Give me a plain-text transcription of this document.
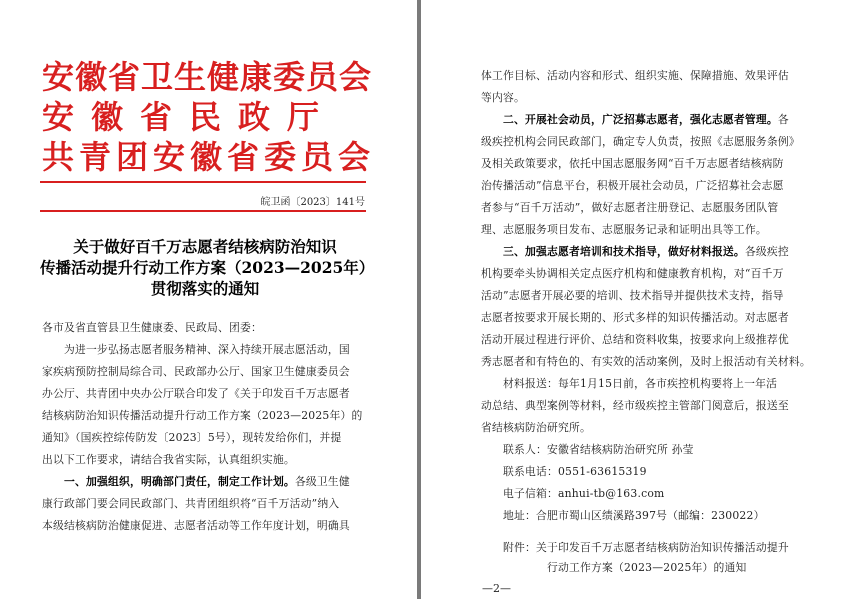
安徽省卫生健康委员会
安徽省民政厅
共青团安徽省委员会
皖卫函〔2023〕141号
关于做好百千万志愿者结核病防治知识
传播活动提升行动工作方案（2023—2025年）
贯彻落实的通知
各市及省直管县卫生健康委、民政局、团委：
为进一步弘扬志愿者服务精神、深入持续开展志愿活动，国
家疾病预防控制局综合司、民政部办公厅、国家卫生健康委员会
办公厅、共青团中央办公厅联合印发了《关于印发百千万志愿者
结核病防治知识传播活动提升行动工作方案（2023—2025年）的
通知》（国疾控综传防发〔2023〕5号），现转发给你们，并提
出以下工作要求，请结合我省实际，认真组织实施。
一、加强组织，明确部门责任，制定工作计划。各级卫生健
康行政部门要会同民政部门、共青团组织将“百千万活动”纳入
本级结核病防治健康促进、志愿者活动等工作年度计划，明确具
体工作目标、活动内容和形式、组织实施、保障措施、效果评估
等内容。
二、开展社会动员，广泛招募志愿者，强化志愿者管理。各
级疾控机构会同民政部门，确定专人负责，按照《志愿服务条例》
及相关政策要求，依托中国志愿服务网“百千万志愿者结核病防
治传播活动”信息平台，积极开展社会动员，广泛招募社会志愿
者参与“百千万活动”，做好志愿者注册登记、志愿服务团队管
理、志愿服务项目发布、志愿服务记录和证明出具等工作。
三、加强志愿者培训和技术指导，做好材料报送。各级疾控
机构要牵头协调相关定点医疗机构和健康教育机构，对“百千万
活动”志愿者开展必要的培训、技术指导并提供技术支持，指导
志愿者按要求开展长期的、形式多样的知识传播活动。对志愿者
活动开展过程进行评价、总结和资料收集，按要求向上级推荐优
秀志愿者和有特色的、有实效的活动案例，及时上报活动有关材料。
材料报送：每年1月15日前，各市疾控机构要将上一年活
动总结、典型案例等材料，经市级疾控主管部门阅意后，报送至
省结核病防治研究所。
联系人：安徽省结核病防治研究所 孙莹
联系电话：0551-63615319
电子信箱：anhui-tb@163.com
地址：合肥市蜀山区绩溪路397号（邮编：230022）
附件：关于印发百千万志愿者结核病防治知识传播活动提升
行动工作方案（2023—2025年）的通知
—2—
